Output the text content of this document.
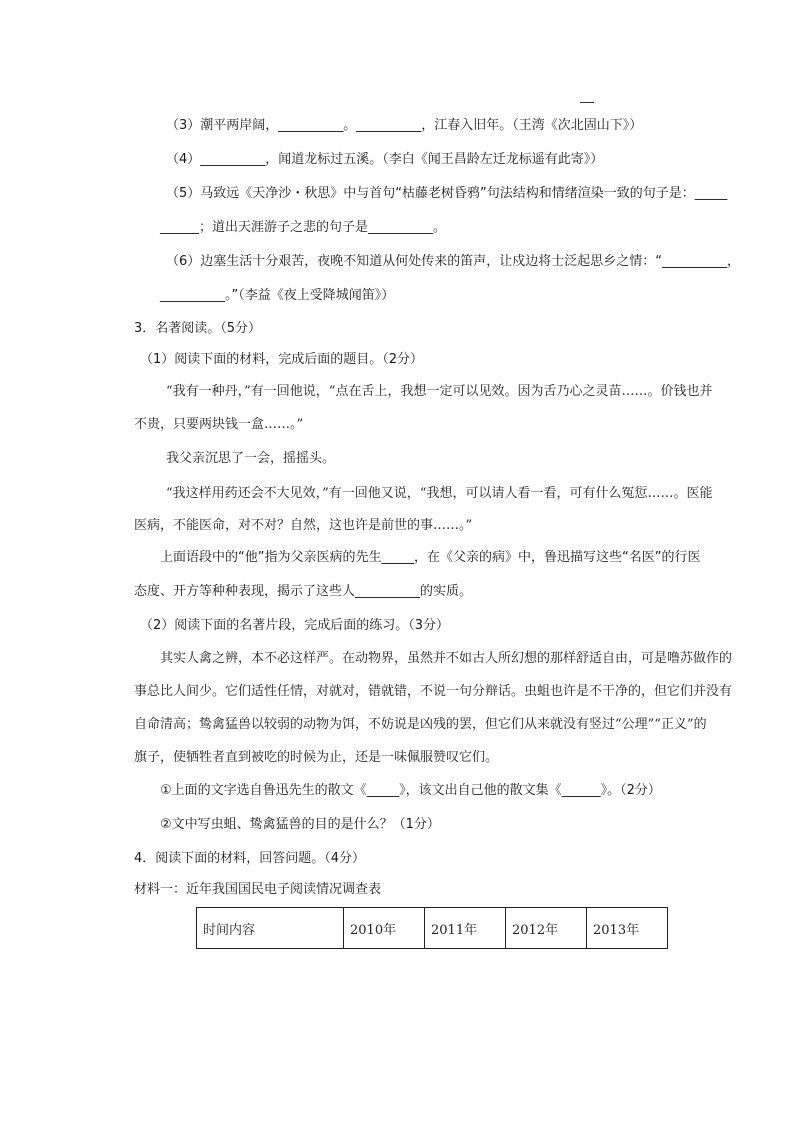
（3）潮平两岸阔，__________。__________，江春入旧年。（王湾《次北固山下》）
（4）__________，闻道龙标过五溪。（李白《闻王昌龄左迁龙标遥有此寄》）
（5）马致远《天净沙・秋思》中与首句“枯藤老树昏鸦”句法结构和情绪渲染一致的句子是：_____
______；道出天涯游子之悲的句子是__________。
（6）边塞生活十分艰苦，夜晚不知道从何处传来的笛声，让戍边将士泛起思乡之情：“__________，
__________。”（李益《夜上受降城闻笛》）
3．名著阅读。（5分）
（1）阅读下面的材料，完成后面的题目。（2分）
“我有一种丹，”有一回他说，“点在舌上，我想一定可以见效。因为舌乃心之灵苗……。价钱也并
不贵，只要两块钱一盒……。”
我父亲沉思了一会，摇摇头。
“我这样用药还会不大见效，”有一回他又说，“我想，可以请人看一看，可有什么冤愆……。医能
医病，不能医命，对不对？自然，这也许是前世的事……。”
上面语段中的“他”指为父亲医病的先生_____，在《父亲的病》中，鲁迅描写这些“名医”的行医
态度、开方等种种表现，揭示了这些人__________的实质。
（2）阅读下面的名著片段，完成后面的练习。（3分）
其实人禽之辨，本不必这样严。在动物界，虽然并不如古人所幻想的那样舒适自由，可是噜苏做作的
事总比人间少。它们适性任情，对就对，错就错，不说一句分辩话。虫蛆也许是不干净的，但它们并没有
自命清高；鸷禽猛兽以较弱的动物为饵，不妨说是凶残的罢，但它们从来就没有竖过“公理”“正义”的
旗子，使牺牲者直到被吃的时候为止，还是一味佩服赞叹它们。
①上面的文字选自鲁迅先生的散文《_____》，该文出自己他的散文集《______》。（2分）
②文中写虫蛆、鸷禽猛兽的目的是什么？（1分）
4．阅读下面的材料，回答问题。（4分）
材料一：近年我国国民电子阅读情况调查表
时间内容	2010年	2011年	2012年	2013年
